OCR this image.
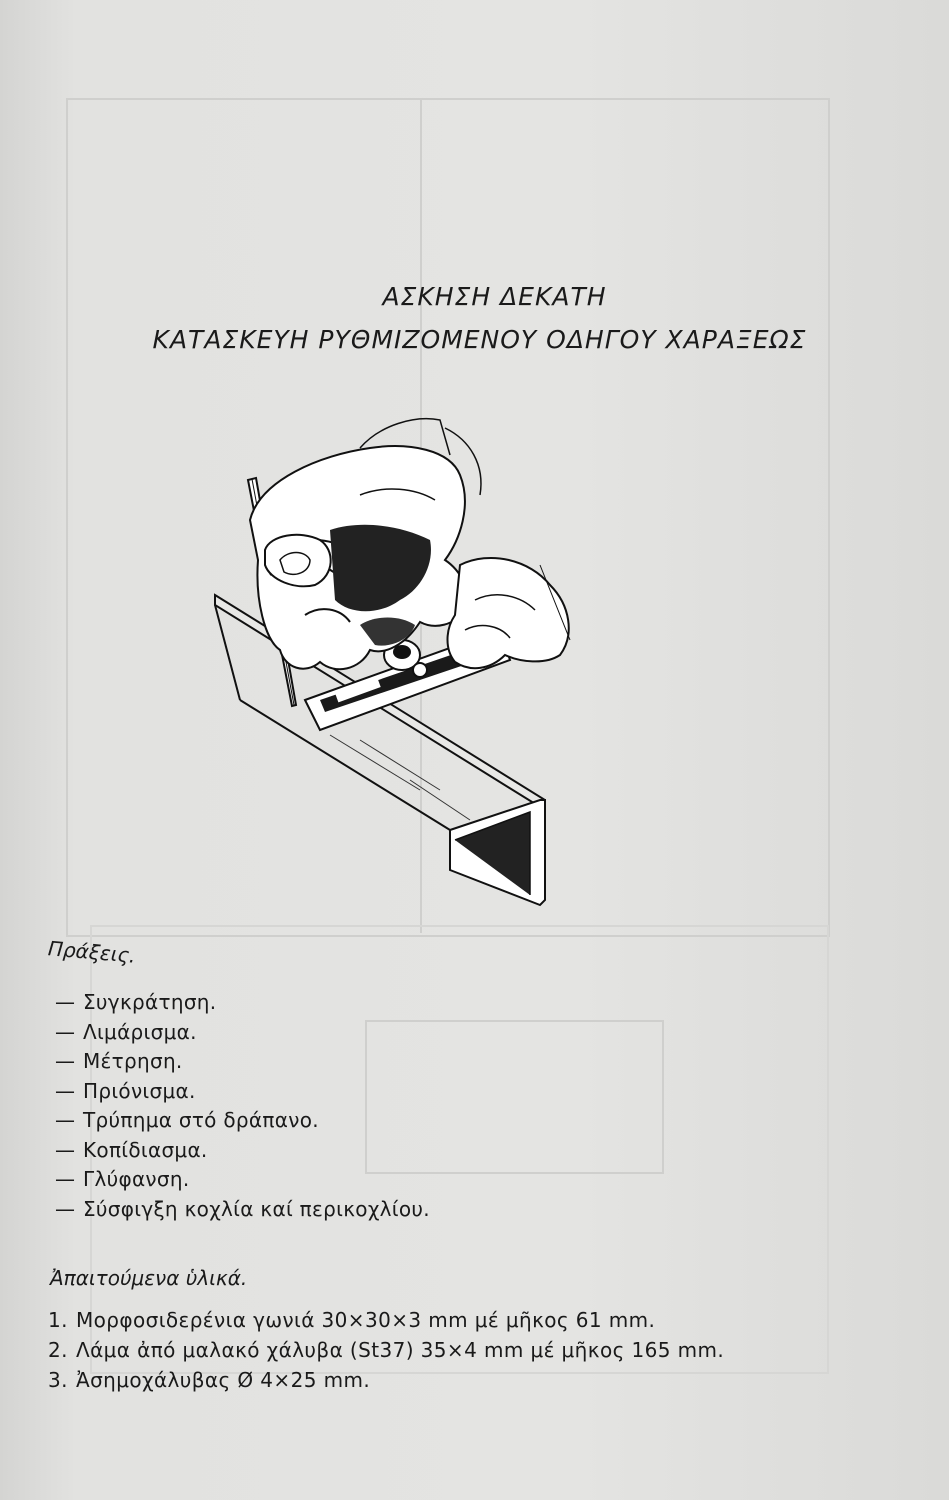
ΑΣΚΗΣΗ ΔΕΚΑΤΗ
ΚΑΤΑΣΚΕΥΗ ΡΥΘΜΙΖΟΜΕΝΟΥ ΟΔΗΓΟΥ ΧΑΡΑΞΕΩΣ
Πράξεις.
— Συγκράτηση.
— Λιμάρισμα.
— Μέτρηση.
— Πριόνισμα.
— Τρύπημα στό δράπανο.
— Κοπίδιασμα.
— Γλύφανση.
— Σύσφιγξη κοχλία καί περικοχλίου.
Ἀπαιτούμενα ὑλικά.
1. Μορφοσιδερένια γωνιά 30×30×3 mm μέ μῆκος 61 mm.
2. Λάμα ἀπό μαλακό χάλυβα (St37) 35×4 mm μέ μῆκος 165 mm.
3. Ἀσημοχάλυβας Ø 4×25 mm.
